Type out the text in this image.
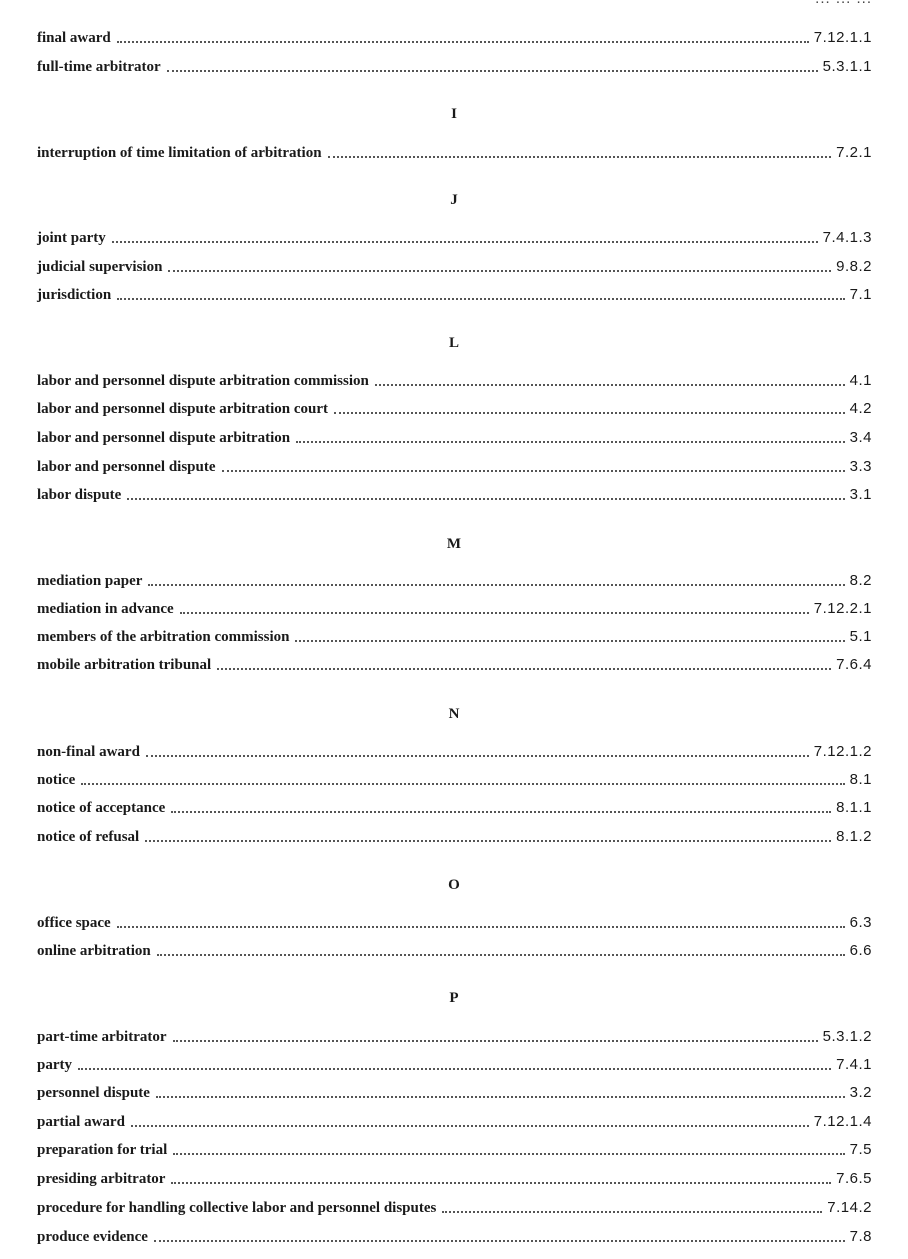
final award	7.12.1.1
full-time arbitrator	5.3.1.1
I
interruption of time limitation of arbitration	7.2.1
J
joint party	7.4.1.3
judicial supervision	9.8.2
jurisdiction	7.1
L
labor and personnel dispute arbitration commission	4.1
labor and personnel dispute arbitration court	4.2
labor and personnel dispute arbitration	3.4
labor and personnel dispute	3.3
labor dispute	3.1
M
mediation paper	8.2
mediation in advance	7.12.2.1
members of the arbitration commission	5.1
mobile arbitration tribunal	7.6.4
N
non-final award	7.12.1.2
notice	8.1
notice of acceptance	8.1.1
notice of refusal	8.1.2
O
office space	6.3
online arbitration	6.6
P
part-time arbitrator	5.3.1.2
party	7.4.1
personnel dispute	3.2
partial award	7.12.1.4
preparation for trial	7.5
presiding arbitrator	7.6.5
procedure for handling collective labor and personnel disputes	7.14.2
produce evidence	7.8
